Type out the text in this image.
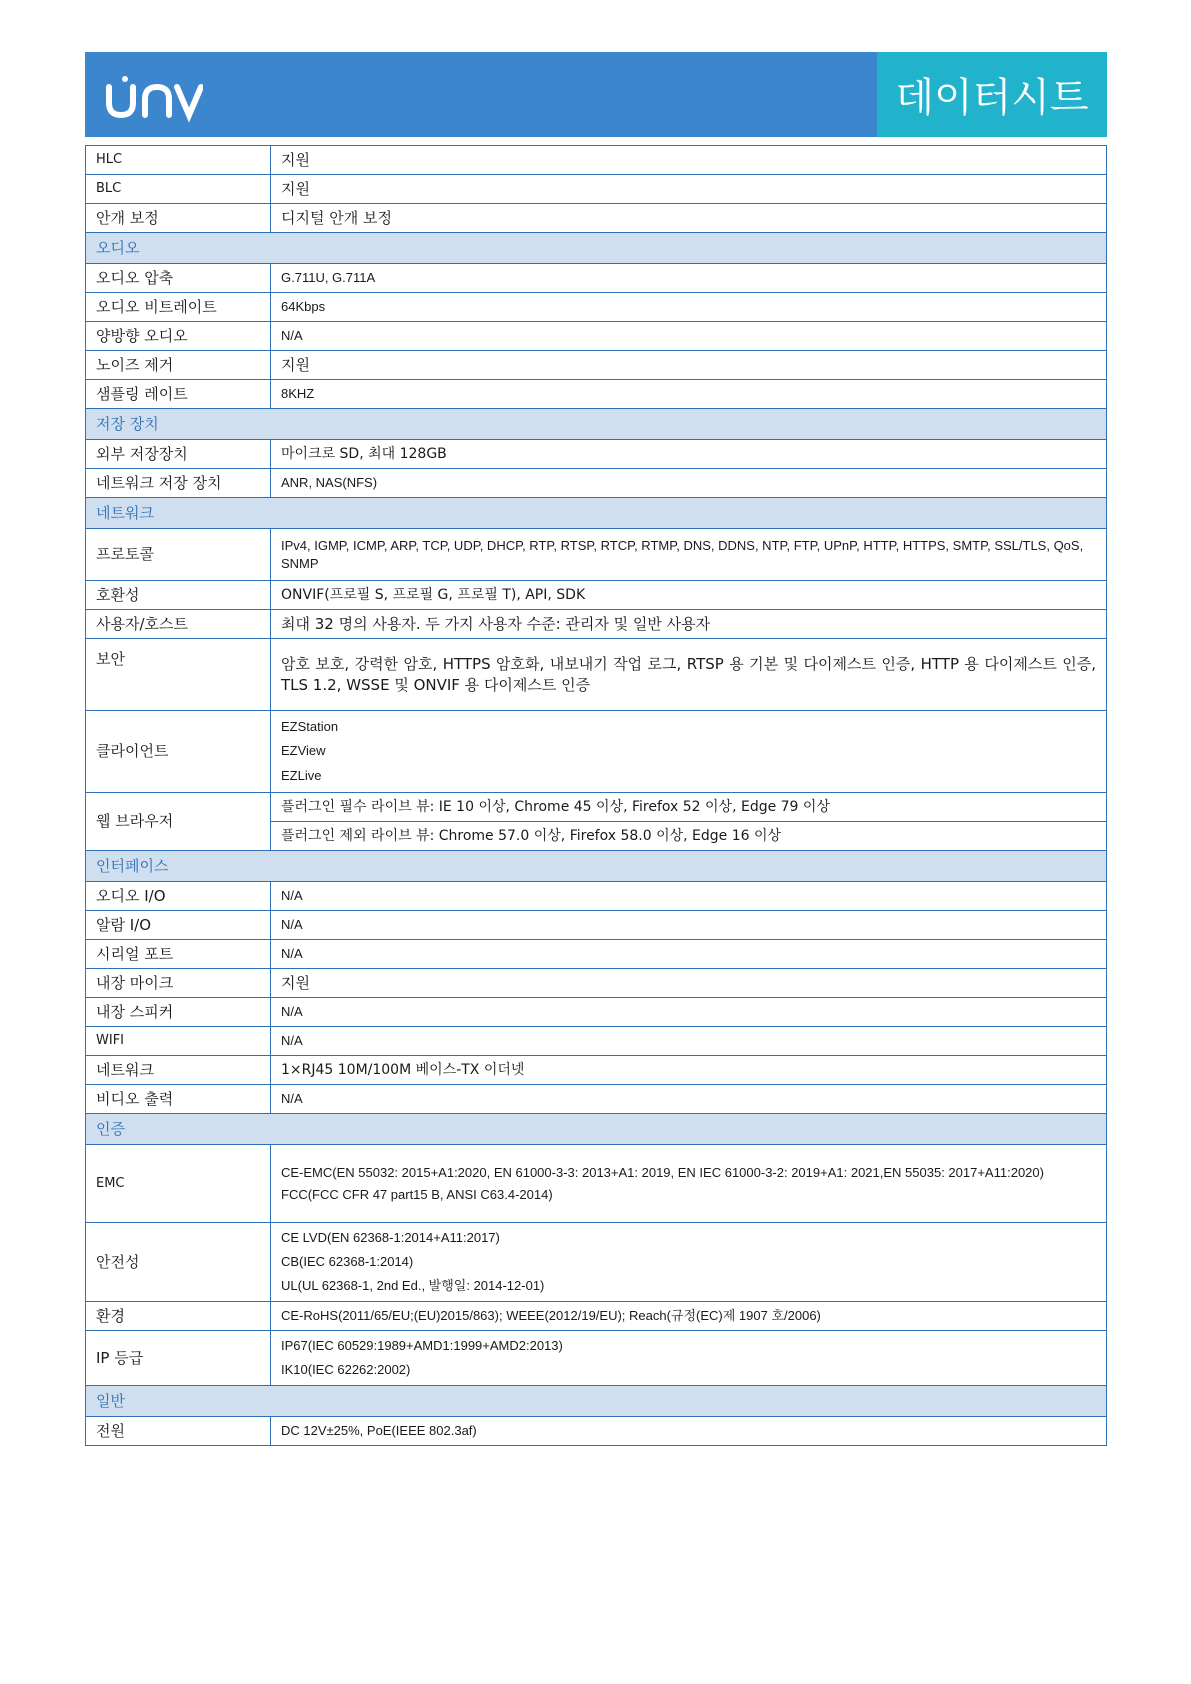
데이터시트
HLC	지원
BLC	지원
안개 보정	디지털 안개 보정
오디오	
오디오 압축	G.711U, G.711A
오디오 비트레이트	64Kbps
양방향 오디오	N/A
노이즈 제거	지원
샘플링 레이트	8KHZ
저장 장치	
외부 저장장치	마이크로 SD, 최대 128GB
네트워크 저장 장치	ANR, NAS(NFS)
네트워크	
프로토콜	IPv4, IGMP, ICMP, ARP, TCP, UDP, DHCP, RTP, RTSP, RTCP, RTMP, DNS, DDNS, NTP, FTP, UPnP, HTTP, HTTPS, SMTP, SSL/TLS, QoS, SNMP
호환성	ONVIF(프로필 S, 프로필 G, 프로필 T), API, SDK
사용자/호스트	최대 32 명의 사용자. 두 가지 사용자 수준: 관리자 및 일반 사용자
보안	암호 보호, 강력한 암호, HTTPS 암호화, 내보내기 작업 로그, RTSP 용 기본 및 다이제스트 인증, HTTP 용 다이제스트 인증, TLS 1.2, WSSE 및 ONVIF 용 다이제스트 인증
클라이언트	EZStation
EZView
EZLive

웹 브라우저	플러그인 필수 라이브 뷰: IE 10 이상, Chrome 45 이상, Firefox 52 이상, Edge 79 이상
	플러그인 제외 라이브 뷰: Chrome 57.0 이상, Firefox 58.0 이상, Edge 16 이상
인터페이스	
오디오 I/O	N/A
알람 I/O	N/A
시리얼 포트	N/A
내장 마이크	지원
내장 스피커	N/A
WIFI	N/A
네트워크	1×RJ45 10M/100M 베이스-TX 이더넷
비디오 출력	N/A
인증	
EMC	CE-EMC(EN 55032: 2015+A1:2020, EN 61000-3-3: 2013+A1: 2019, EN IEC 61000-3-2: 2019+A1: 2021,EN 55035: 2017+A11:2020)
FCC(FCC CFR 47 part15 B, ANSI C63.4-2014)

안전성	CE LVD(EN 62368-1:2014+A11:2017)
CB(IEC 62368-1:2014)
UL(UL 62368-1, 2nd Ed., 발행일: 2014-12-01)

환경	CE-RoHS(2011/65/EU;(EU)2015/863); WEEE(2012/19/EU); Reach(규정(EC)제 1907 호/2006)
IP 등급	IP67(IEC 60529:1989+AMD1:1999+AMD2:2013)
IK10(IEC 62262:2002)

일반	
전원	DC 12V±25%, PoE(IEEE 802.3af)
